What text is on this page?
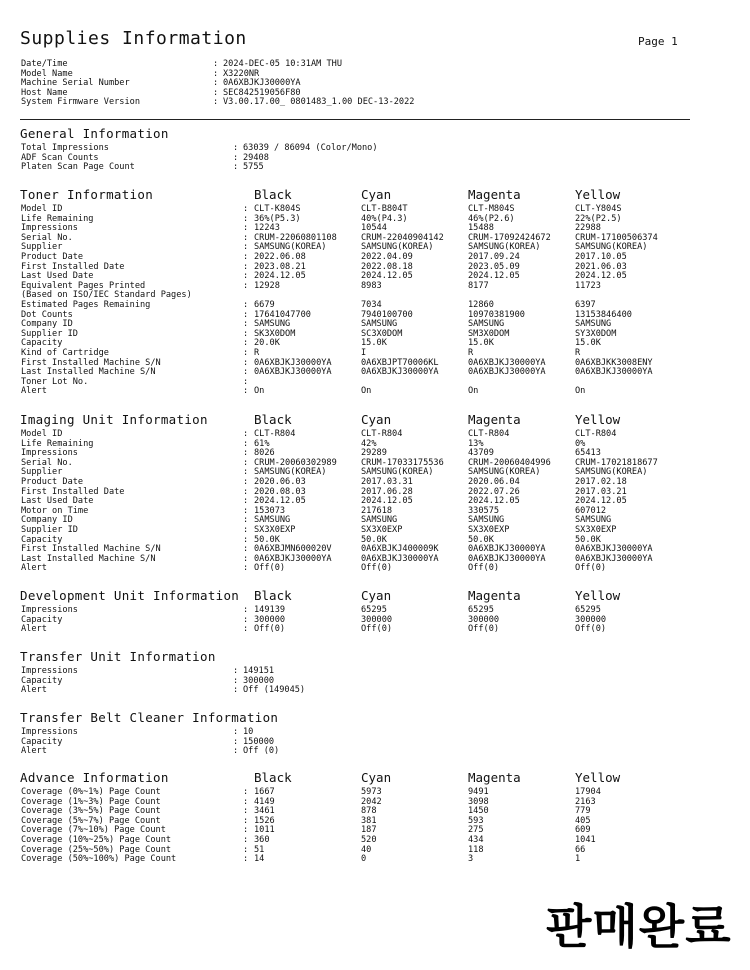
Supplies Information	Page 1
Date/Time	: 2024-DEC-05 10:31AM THU
Model Name	: X3220NR
Machine Serial Number	: 0A6XBJKJ30000YA
Host Name	: SEC842519056F80
System Firmware Version	: V3.00.17.00_ 0801483_1.00 DEC-13-2022
General Information
Total Impressions	: 63039 / 86094 (Color/Mono)
ADF Scan Counts	: 29408
Platen Scan Page Count	: 5755
Toner Information	Black	Cyan	Magenta	Yellow
Model ID	: CLT-K804S	CLT-B804T	CLT-M804S	CLT-Y804S
Life Remaining	: 36%(P5.3)	40%(P4.3)	46%(P2.6)	22%(P2.5)
Impressions	: 12243	10544	15488	22988
Serial No.	: CRUM-22060801108	CRUM-22040904142	CRUM-17092424672	CRUM-17100506374
Supplier	: SAMSUNG(KOREA)	SAMSUNG(KOREA)	SAMSUNG(KOREA)	SAMSUNG(KOREA)
Product Date	: 2022.06.08	2022.04.09	2017.09.24	2017.10.05
First Installed Date	: 2023.08.21	2022.08.18	2023.05.09	2021.06.03
Last Used Date	: 2024.12.05	2024.12.05	2024.12.05	2024.12.05
Equivalent Pages Printed	: 12928	8983	8177	11723
(Based on ISO/IEC Standard Pages)
Estimated Pages Remaining	: 6679	7034	12860	6397
Dot Counts	: 17641047700	7940100700	10970381900	13153846400
Company ID	: SAMSUNG	SAMSUNG	SAMSUNG	SAMSUNG
Supplier ID	: SK3X0DOM	SC3X0DOM	SM3X0DOM	SY3X0DOM
Capacity	: 20.0K	15.0K	15.0K	15.0K
Kind of Cartridge	: R	I	R	R
First Installed Machine S/N	: 0A6XBJKJ30000YA	0A6XBJPT70006KL	0A6XBJKJ30000YA	0A6XBJKK3008ENY
Last Installed Machine S/N	: 0A6XBJKJ30000YA	0A6XBJKJ30000YA	0A6XBJKJ30000YA	0A6XBJKJ30000YA
Toner Lot No.	:
Alert	: On	On	On	On
Imaging Unit Information	Black	Cyan	Magenta	Yellow
Model ID	: CLT-R804	CLT-R804	CLT-R804	CLT-R804
Life Remaining	: 61%	42%	13%	0%
Impressions	: 8026	29289	43709	65413
Serial No.	: CRUM-20060302989	CRUM-17033175536	CRUM-20060404996	CRUM-17021818677
Supplier	: SAMSUNG(KOREA)	SAMSUNG(KOREA)	SAMSUNG(KOREA)	SAMSUNG(KOREA)
Product Date	: 2020.06.03	2017.03.31	2020.06.04	2017.02.18
First Installed Date	: 2020.08.03	2017.06.28	2022.07.26	2017.03.21
Last Used Date	: 2024.12.05	2024.12.05	2024.12.05	2024.12.05
Motor on Time	: 153073	217618	330575	607012
Company ID	: SAMSUNG	SAMSUNG	SAMSUNG	SAMSUNG
Supplier ID	: SX3X0EXP	SX3X0EXP	SX3X0EXP	SX3X0EXP
Capacity	: 50.0K	50.0K	50.0K	50.0K
First Installed Machine S/N	: 0A6XBJMN600020V	0A6XBJKJ400009K	0A6XBJKJ30000YA	0A6XBJKJ30000YA
Last Installed Machine S/N	: 0A6XBJKJ30000YA	0A6XBJKJ30000YA	0A6XBJKJ30000YA	0A6XBJKJ30000YA
Alert	: Off(0)	Off(0)	Off(0)	Off(0)
Development Unit Information Black	Cyan	Magenta	Yellow
Impressions	: 149139	65295	65295	65295
Capacity	: 300000	300000	300000	300000
Alert	: Off(0)	Off(0)	Off(0)	Off(0)
Transfer Unit Information
Impressions	: 149151
Capacity	: 300000
Alert	: Off (149045)
Transfer Belt Cleaner Information
Impressions	: 10
Capacity	: 150000
Alert	: Off (0)
Advance Information	Black	Cyan	Magenta	Yellow
Coverage (0%~1%) Page Count	: 1667	5973	9491	17904
Coverage (1%~3%) Page Count	: 4149	2042	3098	2163
Coverage (3%~5%) Page Count	: 3461	878	1450	779
Coverage (5%~7%) Page Count	: 1526	381	593	405
Coverage (7%~10%) Page Count	: 1011	187	275	609
Coverage (10%~25%) Page Count	: 360	520	434	1041
Coverage (25%~50%) Page Count	: 51	40	118	66
Coverage (50%~100%) Page Count	: 14	0	3	1
판매완료
